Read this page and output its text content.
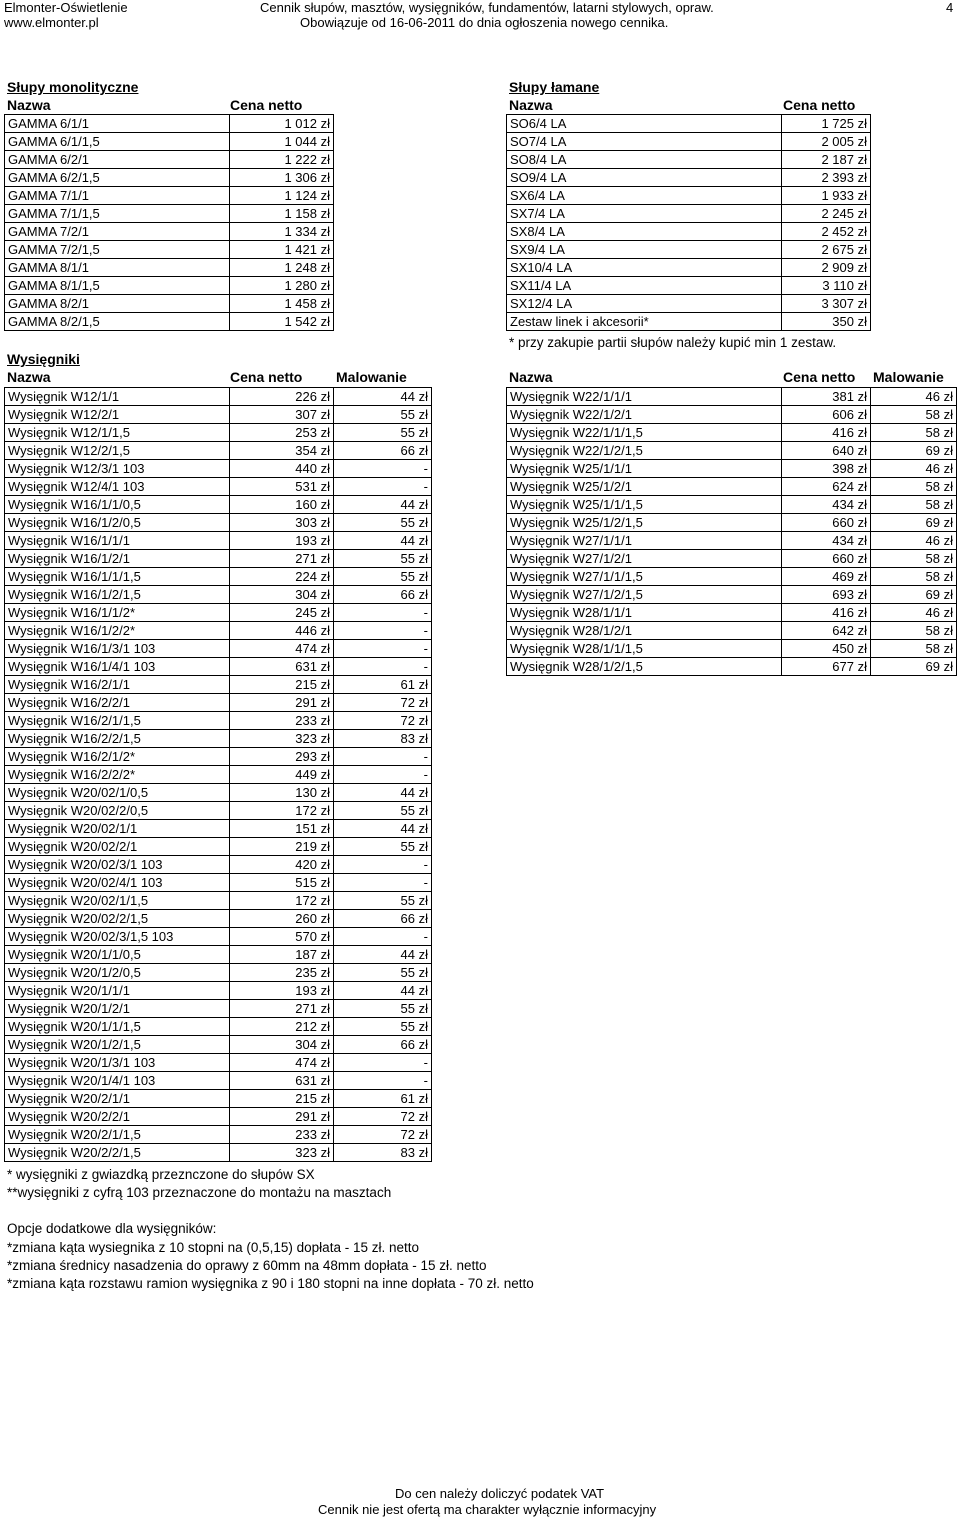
Elmonter-Oświetlenie
www.elmonter.pl
Cennik słupów, masztów, wysięgników, fundamentów, latarni stylowych, opraw.
Obowiązuje od 16-06-2011 do dnia ogłoszenia nowego cennika.
4
Słupy monolityczne
Nazwa	Cena netto
GAMMA 6/1/1	1 012 zł
GAMMA 6/1/1,5	1 044 zł
GAMMA 6/2/1	1 222 zł
GAMMA 6/2/1,5	1 306 zł
GAMMA 7/1/1	1 124 zł
GAMMA 7/1/1,5	1 158 zł
GAMMA 7/2/1	1 334 zł
GAMMA 7/2/1,5	1 421 zł
GAMMA 8/1/1	1 248 zł
GAMMA 8/1/1,5	1 280 zł
GAMMA 8/2/1	1 458 zł
GAMMA 8/2/1,5	1 542 zł
Słupy łamane
Nazwa	Cena netto
SO6/4 LA	1 725 zł
SO7/4 LA	2 005 zł
SO8/4 LA	2 187 zł
SO9/4 LA	2 393 zł
SX6/4 LA	1 933 zł
SX7/4 LA	2 245 zł
SX8/4 LA	2 452 zł
SX9/4 LA	2 675 zł
SX10/4 LA	2 909 zł
SX11/4 LA	3 110 zł
SX12/4 LA	3 307 zł
Zestaw linek i akcesorii*	350 zł
* przy zakupie partii słupów należy kupić min 1 zestaw.
Wysięgniki
Nazwa	Cena netto Malowanie
Wysięgnik W12/1/1	226 zł	44 zł
Wysięgnik W12/2/1	307 zł	55 zł
Wysięgnik W12/1/1,5	253 zł	55 zł
Wysięgnik W12/2/1,5	354 zł	66 zł
Wysięgnik W12/3/1 103	440 zł	-
Wysięgnik W12/4/1 103	531 zł	-
Wysięgnik W16/1/1/0,5	160 zł	44 zł
Wysięgnik W16/1/2/0,5	303 zł	55 zł
Wysięgnik W16/1/1/1	193 zł	44 zł
Wysięgnik W16/1/2/1	271 zł	55 zł
Wysięgnik W16/1/1/1,5	224 zł	55 zł
Wysięgnik W16/1/2/1,5	304 zł	66 zł
Wysięgnik W16/1/1/2*	245 zł	-
Wysięgnik W16/1/2/2*	446 zł	-
Wysięgnik W16/1/3/1 103	474 zł	-
Wysięgnik W16/1/4/1 103	631 zł	-
Wysięgnik W16/2/1/1	215 zł	61 zł
Wysięgnik W16/2/2/1	291 zł	72 zł
Wysięgnik W16/2/1/1,5	233 zł	72 zł
Wysięgnik W16/2/2/1,5	323 zł	83 zł
Wysięgnik W16/2/1/2*	293 zł	-
Wysięgnik W16/2/2/2*	449 zł	-
Wysięgnik W20/02/1/0,5	130 zł	44 zł
Wysięgnik W20/02/2/0,5	172 zł	55 zł
Wysięgnik W20/02/1/1	151 zł	44 zł
Wysięgnik W20/02/2/1	219 zł	55 zł
Wysięgnik W20/02/3/1 103	420 zł	-
Wysięgnik W20/02/4/1 103	515 zł	-
Wysięgnik W20/02/1/1,5	172 zł	55 zł
Wysięgnik W20/02/2/1,5	260 zł	66 zł
Wysięgnik W20/02/3/1,5 103	570 zł	-
Wysięgnik W20/1/1/0,5	187 zł	44 zł
Wysięgnik W20/1/2/0,5	235 zł	55 zł
Wysięgnik W20/1/1/1	193 zł	44 zł
Wysięgnik W20/1/2/1	271 zł	55 zł
Wysięgnik W20/1/1/1,5	212 zł	55 zł
Wysięgnik W20/1/2/1,5	304 zł	66 zł
Wysięgnik W20/1/3/1 103	474 zł	-
Wysięgnik W20/1/4/1 103	631 zł	-
Wysięgnik W20/2/1/1	215 zł	61 zł
Wysięgnik W20/2/2/1	291 zł	72 zł
Wysięgnik W20/2/1/1,5	233 zł	72 zł
Wysięgnik W20/2/2/1,5	323 zł	83 zł
Nazwa	Cena netto Malowanie
Wysięgnik W22/1/1/1	381 zł	46 zł
Wysięgnik W22/1/2/1	606 zł	58 zł
Wysięgnik W22/1/1/1,5	416 zł	58 zł
Wysięgnik W22/1/2/1,5	640 zł	69 zł
Wysięgnik W25/1/1/1	398 zł	46 zł
Wysięgnik W25/1/2/1	624 zł	58 zł
Wysięgnik W25/1/1/1,5	434 zł	58 zł
Wysięgnik W25/1/2/1,5	660 zł	69 zł
Wysięgnik W27/1/1/1	434 zł	46 zł
Wysięgnik W27/1/2/1	660 zł	58 zł
Wysięgnik W27/1/1/1,5	469 zł	58 zł
Wysięgnik W27/1/2/1,5	693 zł	69 zł
Wysięgnik W28/1/1/1	416 zł	46 zł
Wysięgnik W28/1/2/1	642 zł	58 zł
Wysięgnik W28/1/1/1,5	450 zł	58 zł
Wysięgnik W28/1/2/1,5	677 zł	69 zł
* wysięgniki z gwiazdką przeznczone do słupów SX
**wysięgniki z cyfrą 103 przeznaczone do montażu na masztach
Opcje dodatkowe dla wysięgników:
*zmiana kąta wysiegnika z 10 stopni na (0,5,15) dopłata - 15 zł. netto
*zmiana średnicy nasadzenia do oprawy z 60mm na 48mm dopłata - 15 zł. netto
*zmiana kąta rozstawu ramion wysięgnika z 90 i 180 stopni na inne dopłata - 70 zł. netto
Do cen należy doliczyć podatek VAT
Cennik nie jest ofertą ma charakter wyłącznie informacyjny
